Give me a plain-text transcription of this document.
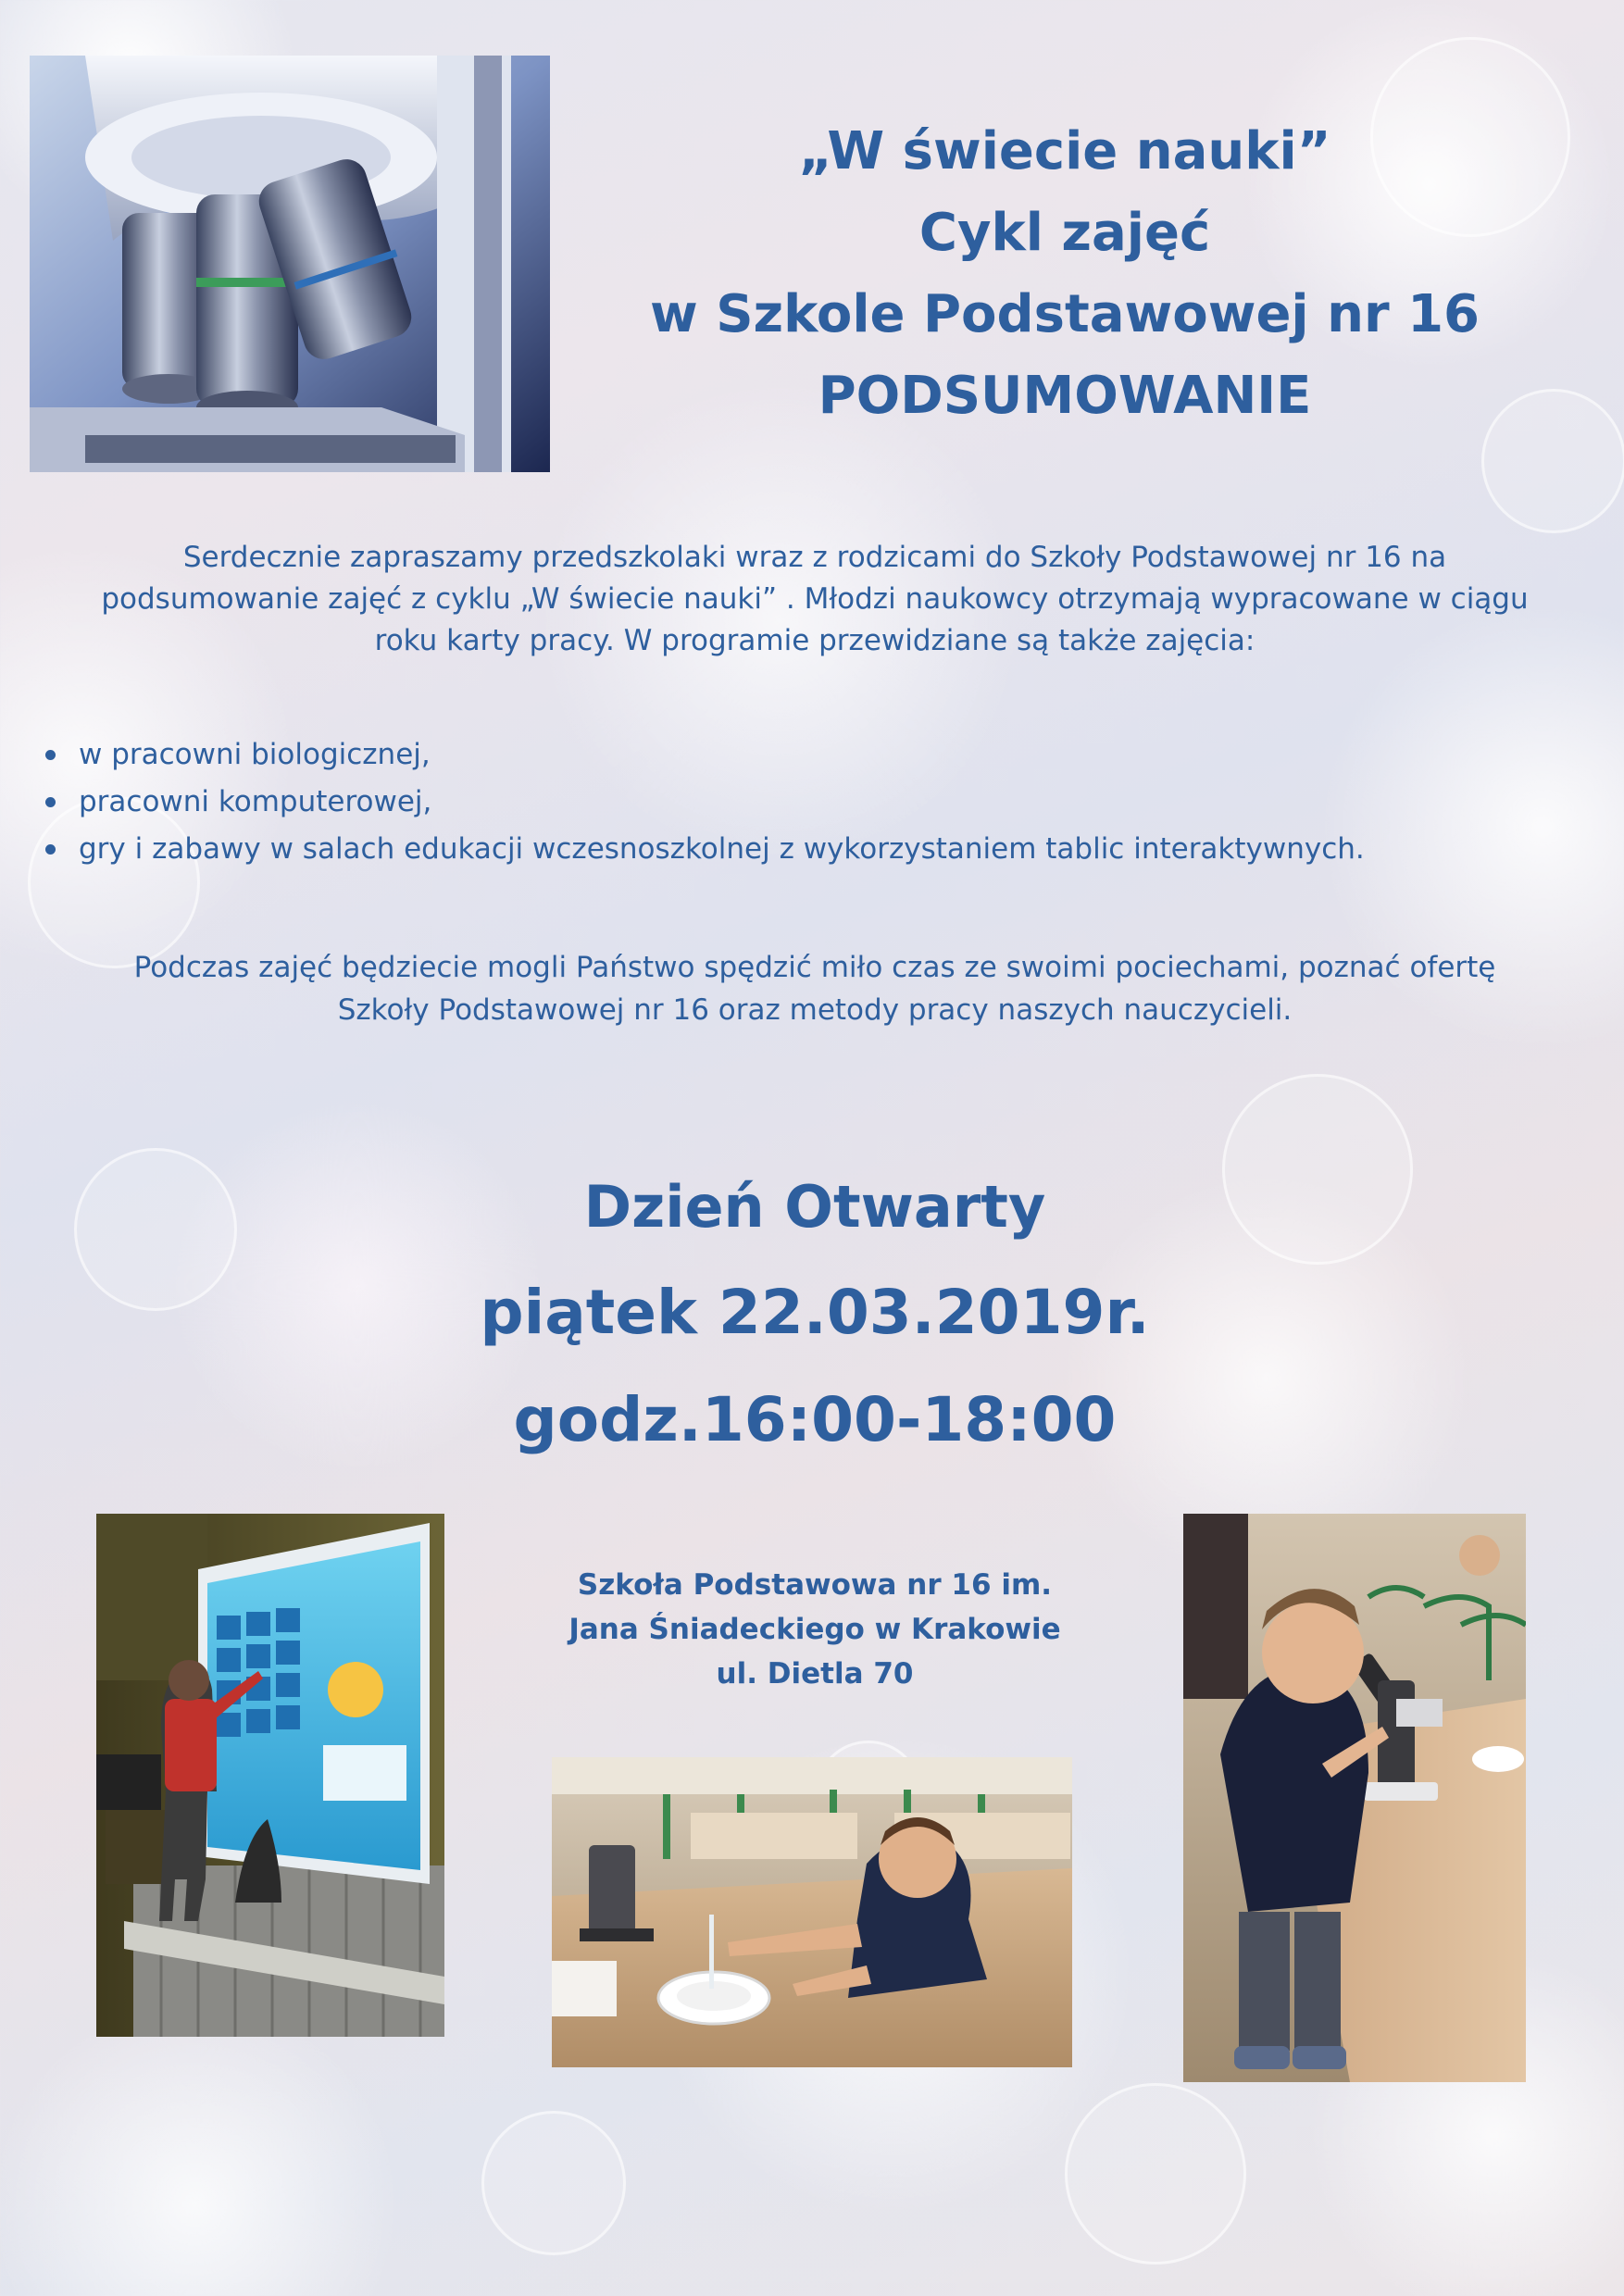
„W świecie nauki”
Cykl zajęć
w Szkole Podstawowej nr 16
PODSUMOWANIE

Serdecznie zapraszamy przedszkolaki wraz z rodzicami do Szkoły Podstawowej nr 16 na

podsumowanie zajęć z cyklu „W świecie nauki” . Młodzi naukowcy otrzymają wypracowane w ciągu

roku karty pracy. W programie przewidziane są także zajęcia:

w pracowni biologicznej,
pracowni komputerowej,
gry i zabawy w salach edukacji wczesnoszkolnej z wykorzystaniem tablic interaktywnych.

Podczas zajęć będziecie mogli Państwo spędzić miło czas ze swoimi pociechami, poznać ofertę

Szkoły Podstawowej nr 16 oraz metody pracy naszych nauczycieli.

Dzień Otwarty
piątek 22.03.2019r.
godz.16:00-18:00
Szkoła Podstawowa nr 16 im.
Jana Śniadeckiego w Krakowie
ul. Dietla 70
